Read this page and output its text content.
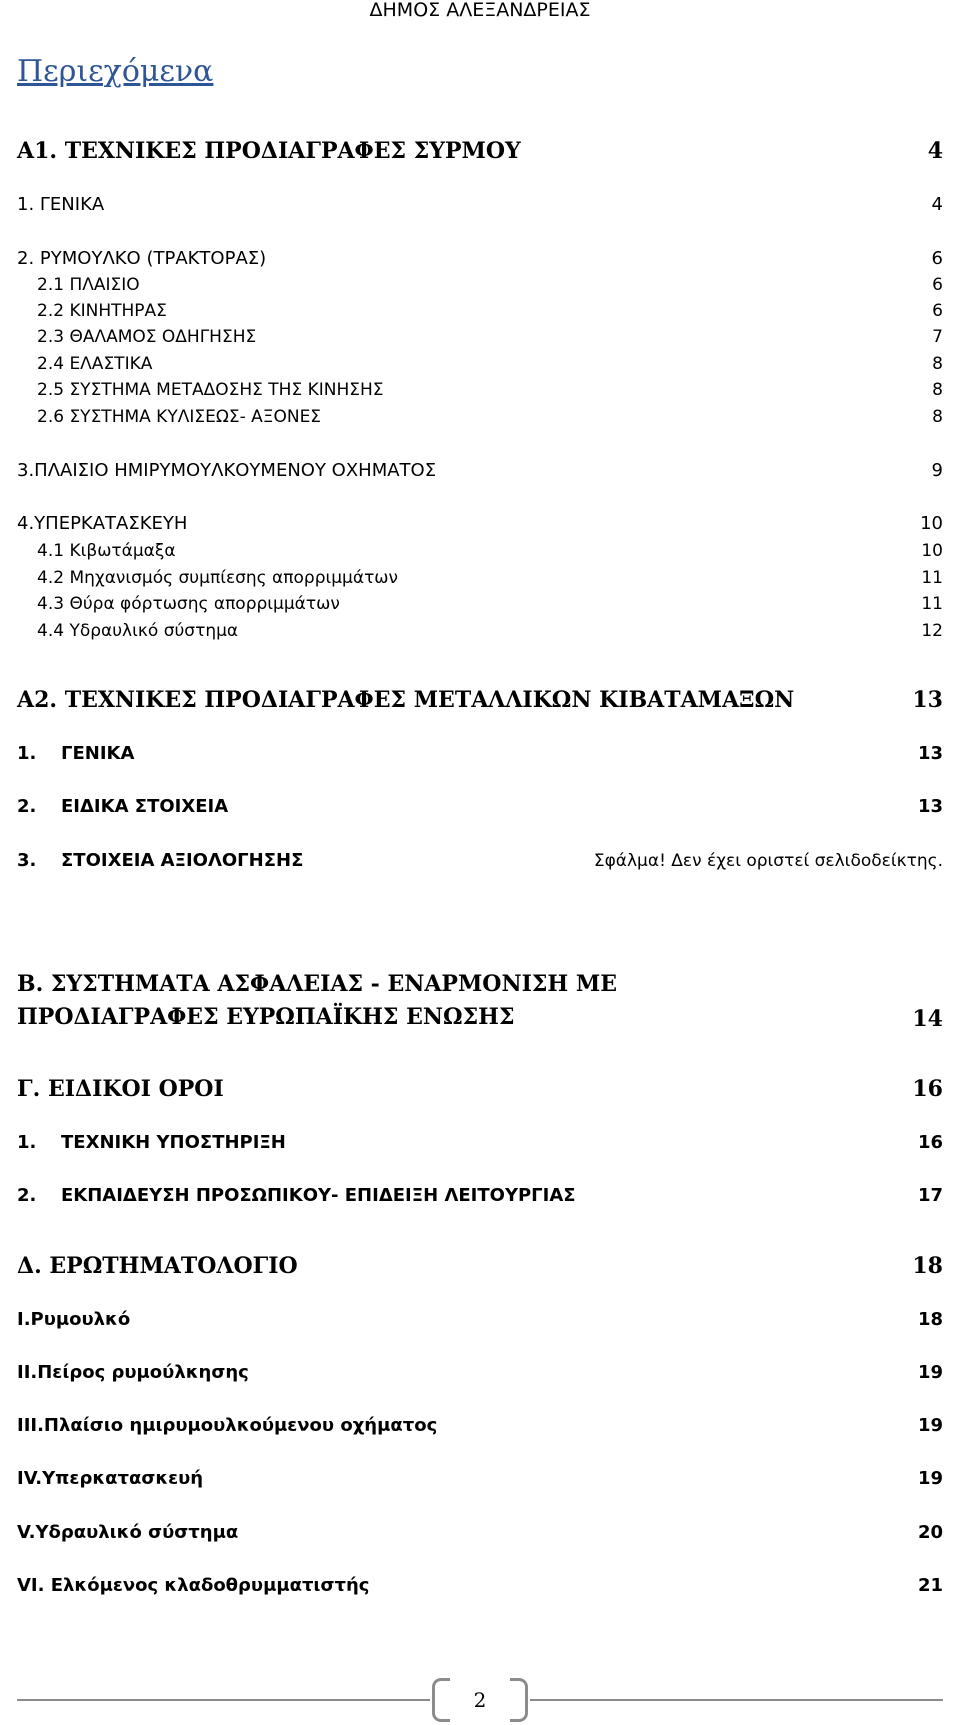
ΔΗΜΟΣ ΑΛΕΞΑΝΔΡΕΙΑΣ
Περιεχόμενα
Α1. ΤΕΧΝΙΚΕΣ ΠΡΟΔΙΑΓΡΑΦΕΣ ΣΥΡΜΟΥ	4
1. ΓΕΝΙΚΑ	4
2. ΡΥΜΟΥΛΚΟ (ΤΡΑΚΤΟΡΑΣ)	6
2.1 ΠΛΑΙΣΙΟ	6
2.2 ΚΙΝΗΤΗΡΑΣ	6
2.3 ΘΑΛΑΜΟΣ ΟΔΗΓΗΣΗΣ	7
2.4 ΕΛΑΣΤΙΚΑ	8
2.5 ΣΥΣΤΗΜΑ ΜΕΤΑΔΟΣΗΣ ΤΗΣ ΚΙΝΗΣΗΣ	8
2.6 ΣΥΣΤΗΜΑ ΚΥΛΙΣΕΩΣ- ΑΞΟΝΕΣ	8
3.ΠΛΑΙΣΙΟ ΗΜΙΡΥΜΟΥΛΚΟΥΜΕΝΟΥ ΟΧΗΜΑΤΟΣ	9
4.ΥΠΕΡΚΑΤΑΣΚΕΥΗ	10
4.1 Κιβωτάμαξα	10
4.2 Μηχανισμός συμπίεσης απορριμμάτων	11
4.3 Θύρα φόρτωσης απορριμμάτων	11
4.4 Υδραυλικό σύστημα	12
Α2. ΤΕΧΝΙΚΕΣ ΠΡΟΔΙΑΓΡΑΦΕΣ ΜΕΤΑΛΛΙΚΩΝ ΚΙΒΑΤΑΜΑΞΩΝ	13
1. ΓΕΝΙΚΑ	13
2. ΕΙΔΙΚΑ ΣΤΟΙΧΕΙΑ	13
3. ΣΤΟΙΧΕΙΑ ΑΞΙΟΛΟΓΗΣΗΣ	Σφάλμα! Δεν έχει οριστεί σελιδοδείκτης.
Β. ΣΥΣΤΗΜΑΤΑ ΑΣΦΑΛΕΙΑΣ - ΕΝΑΡΜΟΝΙΣΗ ΜΕ ΠΡΟΔΙΑΓΡΑΦΕΣ ΕΥΡΩΠΑΪΚΗΣ ΕΝΩΣΗΣ	14
Γ. ΕΙΔΙΚΟΙ ΟΡΟΙ	16
1. ΤΕΧΝΙΚΗ ΥΠΟΣΤΗΡΙΞΗ	16
2. ΕΚΠΑΙΔΕΥΣΗ ΠΡΟΣΩΠΙΚΟΥ- ΕΠΙΔΕΙΞΗ ΛΕΙΤΟΥΡΓΙΑΣ	17
Δ. ΕΡΩΤΗΜΑΤΟΛΟΓΙΟ	18
I.Ρυμουλκό	18
II.Πείρος ρυμούλκησης	19
III.Πλαίσιο ημιρυμουλκούμενου οχήματος	19
IV.Υπερκατασκευή	19
V.Υδραυλικό σύστημα	20
VI. Ελκόμενος κλαδοθρυμματιστής	21
2
